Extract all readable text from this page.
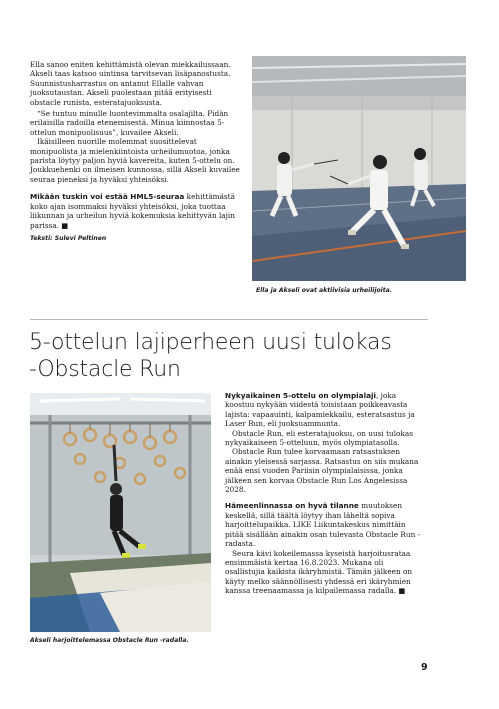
Ella sanoo eniten kehittämistä olevan miekkailussaan. Akseli taas katsoo uintinsa tarvitsevan lisäpanostusta. Suunnistusharrastus on antanut Ellalle vahvan juoksutaustan. Akseli puolestaan pitää erityisesti obstacle runista, esteratajuoksusta.

“Se tuntuu minulle luontevimmalta osalajilta. Pidän erilaisilla radoilla etenemisestä. Minua kiinnostaa 5-ottelun monipuolisuus”, kuvailee Akseli.

Ikäisilleen nuorille molemmat suosittelevat monipuolista ja mielenkiintoista urheilumuotoa, jonka parista löytyy paljon hyviä kavereita, kuten 5-ottelu on. Joukkuehenki on ilmeisen kunnossa, sillä Akseli kuvailee seuraa pieneksi ja hyväksi yhteisöksi.

Mikään tuskin voi estää HML5-seuraa kehittämästä koko ajan isommaksi hyväksi yhteisöksi, joka tuottaa liikunnan ja urheilun hyviä kokemuksia kehittyvän lajin parissa. ■

Teksti: Sulevi Peltinen

Ella ja Akseli ovat aktiivisia urheilijoita.
5-ottelun lajiperheen uusi tulokas
-Obstacle Run
Akseli harjoittelemassa Obstacle Run -radalla.

Nykyaikainen 5-ottelu on olympialaji, joka koostuu nykyään viidestä toisistaan poikkeavasta lajista: vapaauinti, kalpamiekkailu, esteratsastus ja Laser Run, eli juoksuammunta.

Obstacle Run, eli esteratajuoksu, on uusi tulokas nykyaikaiseen 5-otteluun, myös olympiatasolla.

Obstacle Run tulee korvaamaan ratsastuksen ainakin yleisessä sarjassa. Ratsastus on siis mukana enää ensi vuoden Pariisin olympialaisissa, jonka jälkeen sen korvaa Obstacle Run Los Angelesissa 2028.

Hämeenlinnassa on hyvä tilanne muutoksen keskellä, sillä täältä löytyy ihan läheltä sopiva harjoittelupaikka. LIKE Liikuntakeskus nimittäin pitää sisällään ainakin osan tulevasta Obstacle Run -radasta.

Seura kävi kokeilemassa kyseistä harjoitusrataa ensimmäistä kertaa 16.8.2023. Mukana oli osallistujia kaikista ikäryhmistä. Tämän jälkeen on käyty melko säännöllisesti yhdessä eri ikäryhmien kanssa treenaamassa ja kilpailemassa radalla. ■

9
